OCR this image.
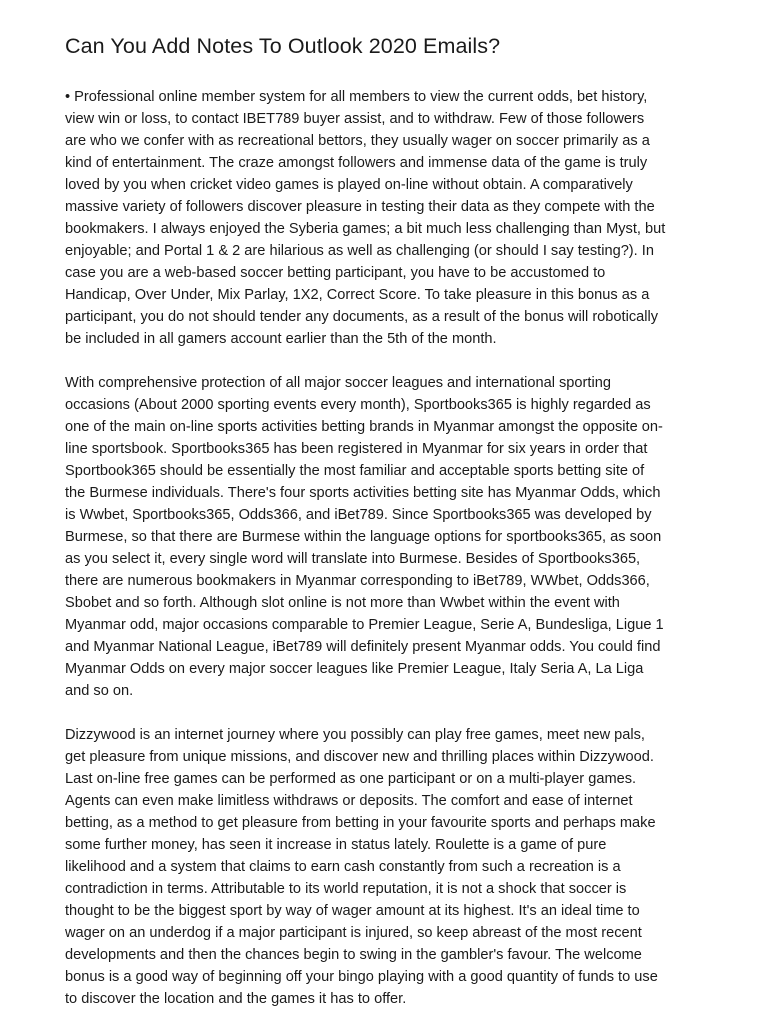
Can You Add Notes To Outlook 2020 Emails?

• Professional online member system for all members to view the current odds, bet history,
view win or loss, to contact IBET789 buyer assist, and to withdraw. Few of those followers
are who we confer with as recreational bettors, they usually wager on soccer primarily as a
kind of entertainment. The craze amongst followers and immense data of the game is truly
loved by you when cricket video games is played on-line without obtain. A comparatively
massive variety of followers discover pleasure in testing their data as they compete with the
bookmakers. I always enjoyed the Syberia games; a bit much less challenging than Myst, but
enjoyable; and Portal 1 & 2 are hilarious as well as challenging (or should I say testing?). In
case you are a web-based soccer betting participant, you have to be accustomed to
Handicap, Over Under, Mix Parlay, 1X2, Correct Score. To take pleasure in this bonus as a
participant, you do not should tender any documents, as a result of the bonus will robotically
be included in all gamers account earlier than the 5th of the month.

With comprehensive protection of all major soccer leagues and international sporting
occasions (About 2000 sporting events every month), Sportbooks365 is highly regarded as
one of the main on-line sports activities betting brands in Myanmar amongst the opposite on-
line sportsbook. Sportbooks365 has been registered in Myanmar for six years in order that
Sportbook365 should be essentially the most familiar and acceptable sports betting site of
the Burmese individuals. There's four sports activities betting site has Myanmar Odds, which
is Wwbet, Sportbooks365, Odds366, and iBet789. Since Sportbooks365 was developed by
Burmese, so that there are Burmese within the language options for sportbooks365, as soon
as you select it, every single word will translate into Burmese. Besides of Sportbooks365,
there are numerous bookmakers in Myanmar corresponding to iBet789, WWbet, Odds366,
Sbobet and so forth. Although slot online is not more than Wwbet within the event with
Myanmar odd, major occasions comparable to Premier League, Serie A, Bundesliga, Ligue 1
and Myanmar National League, iBet789 will definitely present Myanmar odds. You could find
Myanmar Odds on every major soccer leagues like Premier League, Italy Seria A, La Liga
and so on.

Dizzywood is an internet journey where you possibly can play free games, meet new pals,
get pleasure from unique missions, and discover new and thrilling places within Dizzywood.
Last on-line free games can be performed as one participant or on a multi-player games.
Agents can even make limitless withdraws or deposits. The comfort and ease of internet
betting, as a method to get pleasure from betting in your favourite sports and perhaps make
some further money, has seen it increase in status lately. Roulette is a game of pure
likelihood and a system that claims to earn cash constantly from such a recreation is a
contradiction in terms. Attributable to its world reputation, it is not a shock that soccer is
thought to be the biggest sport by way of wager amount at its highest. It's an ideal time to
wager on an underdog if a major participant is injured, so keep abreast of the most recent
developments and then the chances begin to swing in the gambler's favour. The welcome
bonus is a good way of beginning off your bingo playing with a good quantity of funds to use
to discover the location and the games it has to offer.
